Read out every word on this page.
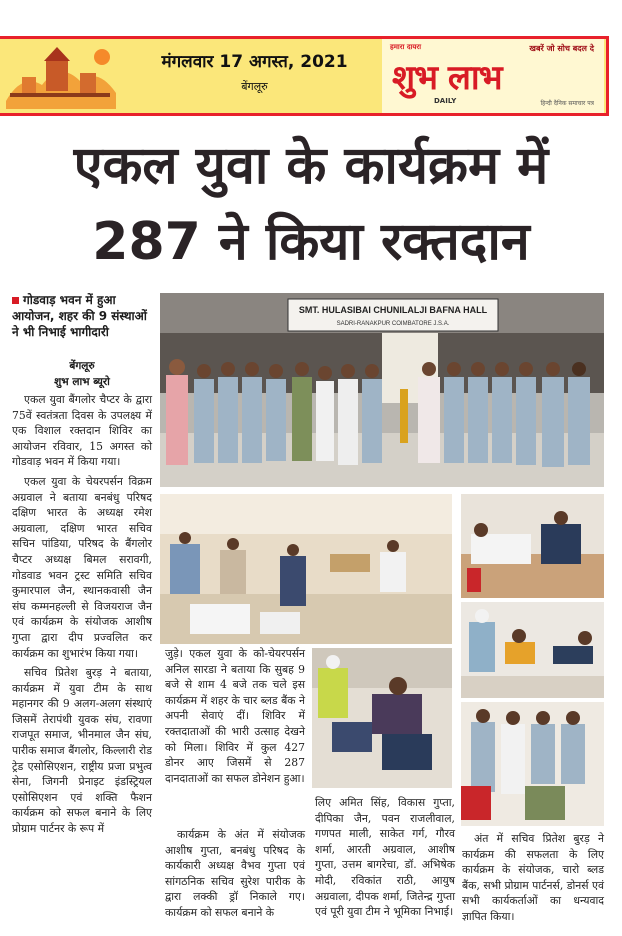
मंगलवार 17 अगस्त, 2021
बेंगलूरु
हमारा दायरा	खबरें जो सोच बदल दे
शुभ लाभ
DAILY	हिन्दी दैनिक समाचार पत्र
एकल युवा के कार्यक्रम में
287 ने किया रक्तदान
गोडवाड़ भवन में हुआ आयोजन, शहर की 9 संस्थाओं ने भी निभाई भागीदारी
बेंगलूरु
शुभ लाभ ब्यूरो

एकल युवा बैंगलोर चैप्टर के द्वारा 75वें स्वतंत्रता दिवस के उपलक्ष्य में एक विशाल रक्तदान शिविर का आयोजन रविवार, 15 अगस्त को गोडवाड़ भवन में किया गया।

एकल युवा के चेयरपर्सन विक्रम अग्रवाल ने बताया बनबंधु परिषद दक्षिण भारत के अध्यक्ष रमेश अग्रवाला, दक्षिण भारत सचिव सचिन पांडिया, परिषद के बैंगलोर चैप्टर अध्यक्ष बिमल सरावगी, गोडवाड भवन ट्रस्ट समिति सचिव कुमारपाल जैन, स्थानकवासी जैन संघ कम्मनहल्ली से विजयराज जैन एवं कार्यक्रम के संयोजक आशीष गुप्ता द्वारा दीप प्रज्वलित कर कार्यक्रम का शुभारंभ किया गया।

सचिव प्रितेश बुरड़ ने बताया, कार्यक्रम में युवा टीम के साथ महानगर की 9 अलग-अलग संस्थाएं जिसमें तेरापंथी युवक संघ, रावणा राजपूत समाज, भीनमाल जैन संघ, पारीक समाज बैंगलोर, किल्लारी रोड ट्रेड एसोसिएशन, राष्ट्रीय प्रजा प्रभुत्व सेना, जिगनी प्रेनाइट इंडस्ट्रियल एसोसिएशन एवं शक्ति फैशन कार्यक्रम को सफल बनाने के लिए प्रोग्राम पार्टनर के रूप में

SMT. HULASIBAI CHUNILALJI BAFNA HALL
SADRI-RANAKPUR COIMBATORE J.S.A.

जुड़े। एकल युवा के को-चेयरपर्सन अनिल सारडा ने बताया कि सुबह 9 बजे से शाम 4 बजे तक चले इस कार्यक्रम में शहर के चार ब्लड बैंक ने अपनी सेवाएं दीं। शिविर में रक्तदाताओं की भारी उत्साह देखने को मिला। शिविर में कुल 427 डोनर आए जिसमें से 287 दानदाताओं का सफल डोनेशन हुआ।

कार्यक्रम के अंत में संयोजक आशीष गुप्ता, बनबंधु परिषद के कार्यकारी अध्यक्ष वैभव गुप्ता एवं सांगठनिक सचिव सुरेश पारीक के द्वारा लक्की ड्रॉ निकाले गए। कार्यक्रम को सफल बनाने के

लिए अमित सिंह, विकास गुप्ता, दीपिका जैन, पवन राजलीवाल, गणपत माली, साकेत गर्ग, गौरव शर्मा, आरती अग्रवाल, आशीष गुप्ता, उत्तम बागरेचा, डॉ. अभिषेक मोदी, रविकांत राठी, आयुष अग्रवाला, दीपक शर्मा, जितेन्द्र गुप्ता एवं पूरी युवा टीम ने भूमिका निभाई।

अंत में सचिव प्रितेश बुरड़ ने कार्यक्रम की सफलता के लिए कार्यक्रम के संयोजक, चारो ब्लड बैंक, सभी प्रोग्राम पार्टनर्स, डोनर्स एवं सभी कार्यकर्ताओं का धन्यवाद ज्ञापित किया।
